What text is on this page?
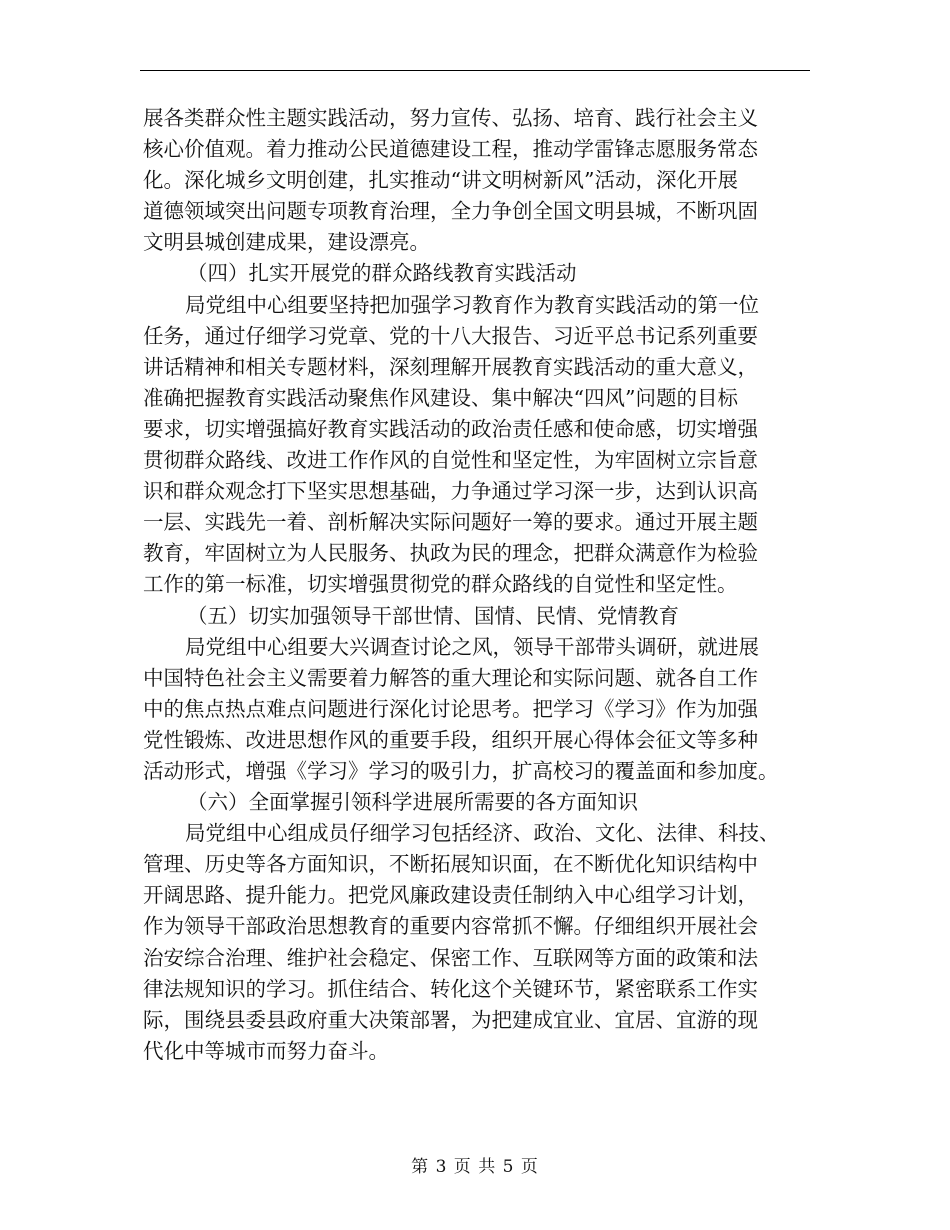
展各类群众性主题实践活动，努力宣传、弘扬、培育、践行社会主义
核心价值观。着力推动公民道德建设工程，推动学雷锋志愿服务常态
化。深化城乡文明创建，扎实推动“讲文明树新风”活动，深化开展
道德领域突出问题专项教育治理，全力争创全国文明县城，不断巩固
文明县城创建成果，建设漂亮。
（四）扎实开展党的群众路线教育实践活动
局党组中心组要坚持把加强学习教育作为教育实践活动的第一位
任务，通过仔细学习党章、党的十八大报告、习近平总书记系列重要
讲话精神和相关专题材料，深刻理解开展教育实践活动的重大意义，
准确把握教育实践活动聚焦作风建设、集中解决“四风”问题的目标
要求，切实增强搞好教育实践活动的政治责任感和使命感，切实增强
贯彻群众路线、改进工作作风的自觉性和坚定性，为牢固树立宗旨意
识和群众观念打下坚实思想基础，力争通过学习深一步，达到认识高
一层、实践先一着、剖析解决实际问题好一筹的要求。通过开展主题
教育，牢固树立为人民服务、执政为民的理念，把群众满意作为检验
工作的第一标准，切实增强贯彻党的群众路线的自觉性和坚定性。
（五）切实加强领导干部世情、国情、民情、党情教育
局党组中心组要大兴调查讨论之风，领导干部带头调研，就进展
中国特色社会主义需要着力解答的重大理论和实际问题、就各自工作
中的焦点热点难点问题进行深化讨论思考。把学习《学习》作为加强
党性锻炼、改进思想作风的重要手段，组织开展心得体会征文等多种
活动形式，增强《学习》学习的吸引力，扩高校习的覆盖面和参加度。
（六）全面掌握引领科学进展所需要的各方面知识
局党组中心组成员仔细学习包括经济、政治、文化、法律、科技、
管理、历史等各方面知识，不断拓展知识面，在不断优化知识结构中
开阔思路、提升能力。把党风廉政建设责任制纳入中心组学习计划，
作为领导干部政治思想教育的重要内容常抓不懈。仔细组织开展社会
治安综合治理、维护社会稳定、保密工作、互联网等方面的政策和法
律法规知识的学习。抓住结合、转化这个关键环节，紧密联系工作实
际，围绕县委县政府重大决策部署，为把建成宜业、宜居、宜游的现
代化中等城市而努力奋斗。
第 3 页 共 5 页
